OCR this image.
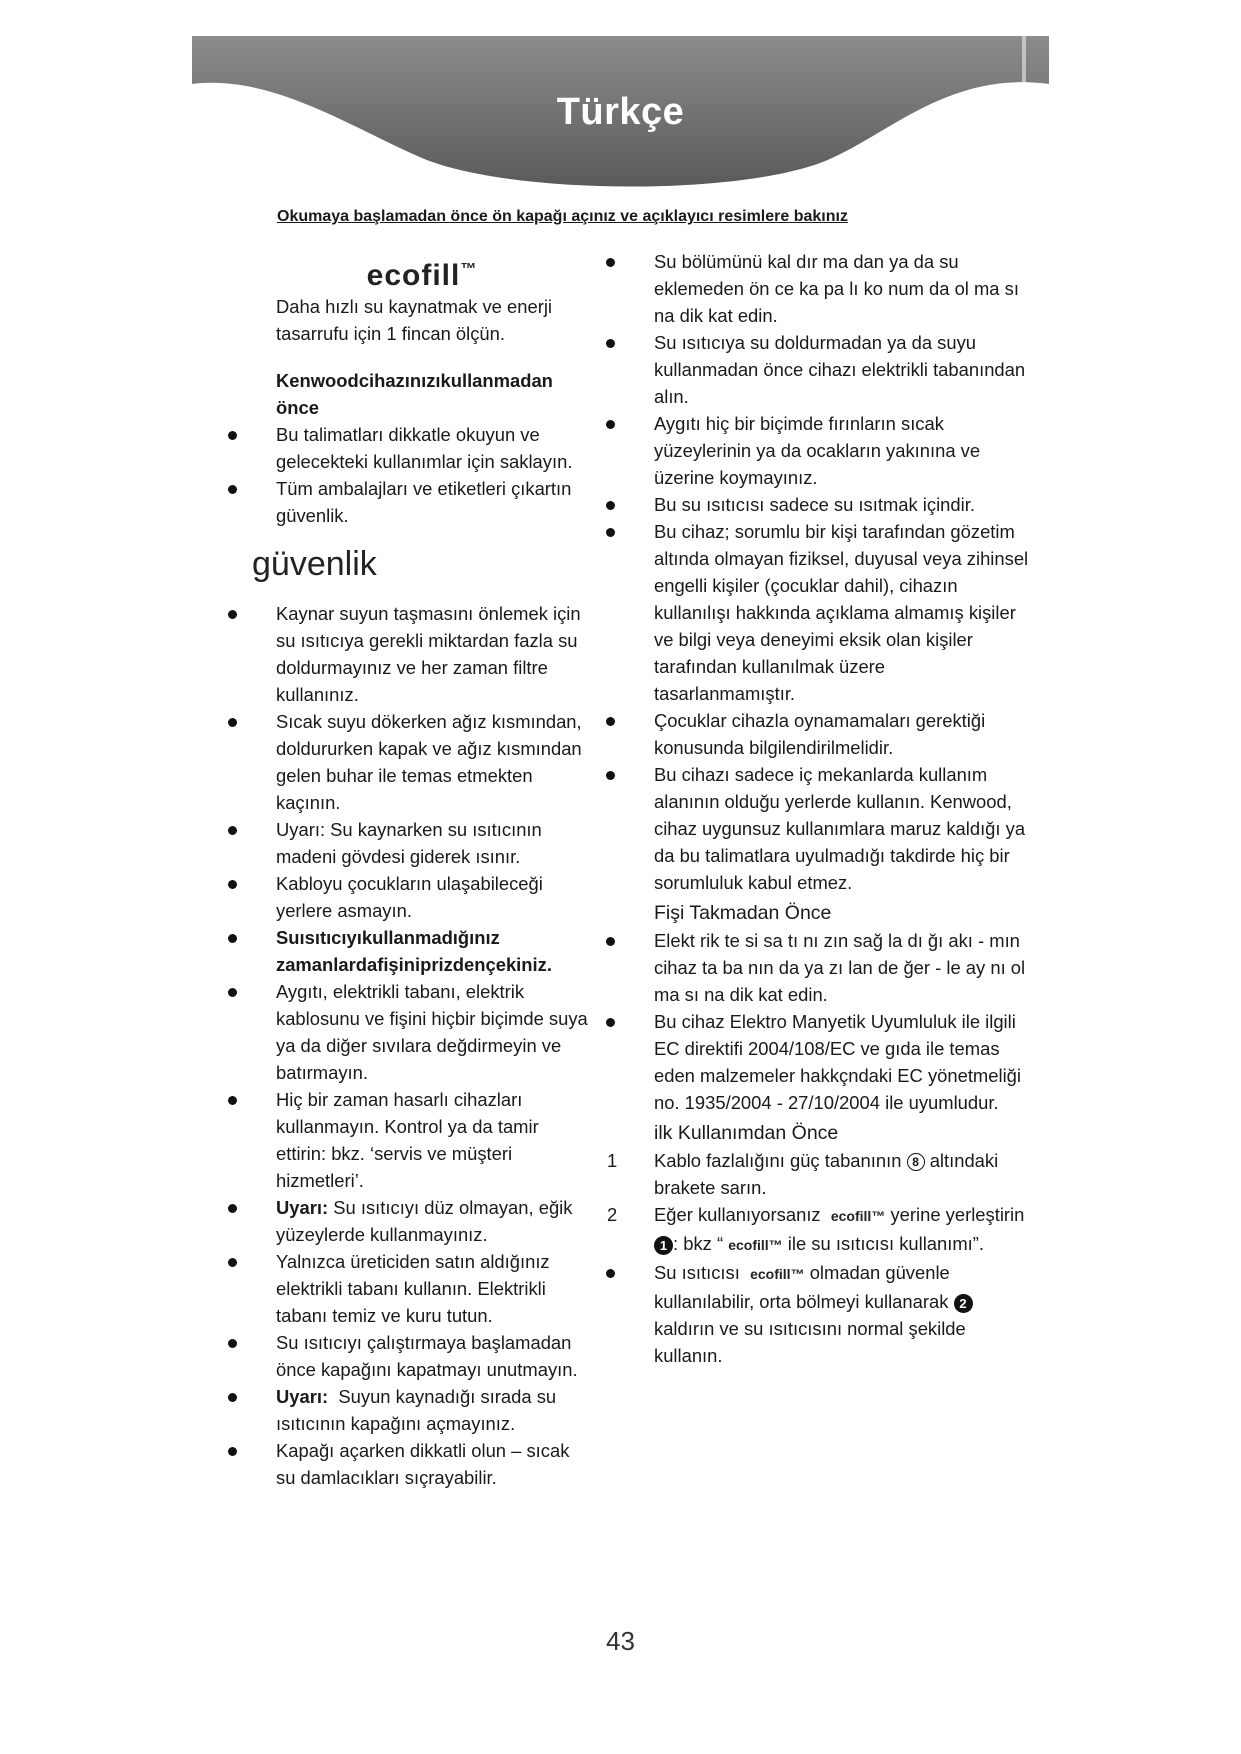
Türkçe
Okumaya başlamadan önce ön kapağı açınız ve açıklayıcı resimlere bakınız
ecofill™
Daha hızlı su kaynatmak ve enerji tasarrufu için 1 fincan ölçün.
Kenwoodcihazınızıkullanmadan önce
Bu talimatları dikkatle okuyun ve gelecekteki kullanımlar için saklayın.
Tüm ambalajları ve etiketleri çıkartın güvenlik.
güvenlik
Kaynar suyun taşmasını önlemek için su ısıtıcıya gerekli miktardan fazla su doldurmayınız ve her zaman filtre kullanınız.
Sıcak suyu dökerken ağız kısmından, doldururken kapak ve ağız kısmından gelen buhar ile temas etmekten kaçının.
Uyarı: Su kaynarken su ısıtıcının madeni gövdesi giderek ısınır.
Kabloyu çocukların ulaşabileceği yerlere asmayın.
Suısıtıcıyıkullanmadığınız zamanlardafişiniprizdençekiniz.
Aygıtı, elektrikli tabanı, elektrik kablosunu ve fişini hiçbir biçimde suya ya da diğer sıvılara değdirmeyin ve batırmayın.
Hiç bir zaman hasarlı cihazları kullanmayın. Kontrol ya da tamir ettirin: bkz. ‘servis ve müşteri hizmetleri’.
Uyarı: Su ısıtıcıyı düz olmayan, eğik yüzeylerde kullanmayınız.
Yalnızca üreticiden satın aldığınız elektrikli tabanı kullanın. Elektrikli tabanı temiz ve kuru tutun.
Su ısıtıcıyı çalıştırmaya başlamadan önce kapağını kapatmayı unutmayın.
Uyarı: Suyun kaynadığı sırada su ısıtıcının kapağını açmayınız.
Kapağı açarken dikkatli olun – sıcak su damlacıkları sıçrayabilir.
Su bölümünü kal dır ma dan ya da su eklemeden ön ce ka pa lı ko num da ol ma sı na dik kat edin.
Su ısıtıcıya su doldurmadan ya da suyu kullanmadan önce cihazı elektrikli tabanından alın.
Aygıtı hiç bir biçimde fırınların sıcak yüzeylerinin ya da ocakların yakınına ve üzerine koymayınız.
Bu su ısıtıcısı sadece su ısıtmak içindir.
Bu cihaz; sorumlu bir kişi tarafından gözetim altında olmayan fiziksel, duyusal veya zihinsel engelli kişiler (çocuklar dahil), cihazın kullanılışı hakkında açıklama almamış kişiler ve bilgi veya deneyimi eksik olan kişiler tarafından kullanılmak üzere tasarlanmamıştır.
Çocuklar cihazla oynamamaları gerektiği konusunda bilgilendirilmelidir.
Bu cihazı sadece iç mekanlarda kullanım alanının olduğu yerlerde kullanın. Kenwood, cihaz uygunsuz kullanımlara maruz kaldığı ya da bu talimatlara uyulmadığı takdirde hiç bir sorumluluk kabul etmez.
Fişi Takmadan Önce
Elekt rik te si sa tı nı zın sağ la dı ğı akı - mın cihaz ta ba nın da ya zı lan de ğer - le ay nı ol ma sı na dik kat edin.
Bu cihaz Elektro Manyetik Uyumluluk ile ilgili EC direktifi 2004/108/EC ve gıda ile temas eden malzemeler hakkçndaki EC yönetmeliği no. 1935/2004 - 27/10/2004 ile uyumludur.
ilk Kullanımdan Önce
1	Kablo fazlalığını güç tabanının 8 altındaki brakete sarın.
2	Eğer kullanıyorsanız ecofill™ yerine yerleştirin 1 : bkz “ ecofill™ ile su ısıtıcısı kullanımı”.
Su ısıtıcısı ecofill™ olmadan güvenle kullanılabilir, orta bölmeyi kullanarak 2 kaldırın ve su ısıtıcısını normal şekilde kullanın.
43
